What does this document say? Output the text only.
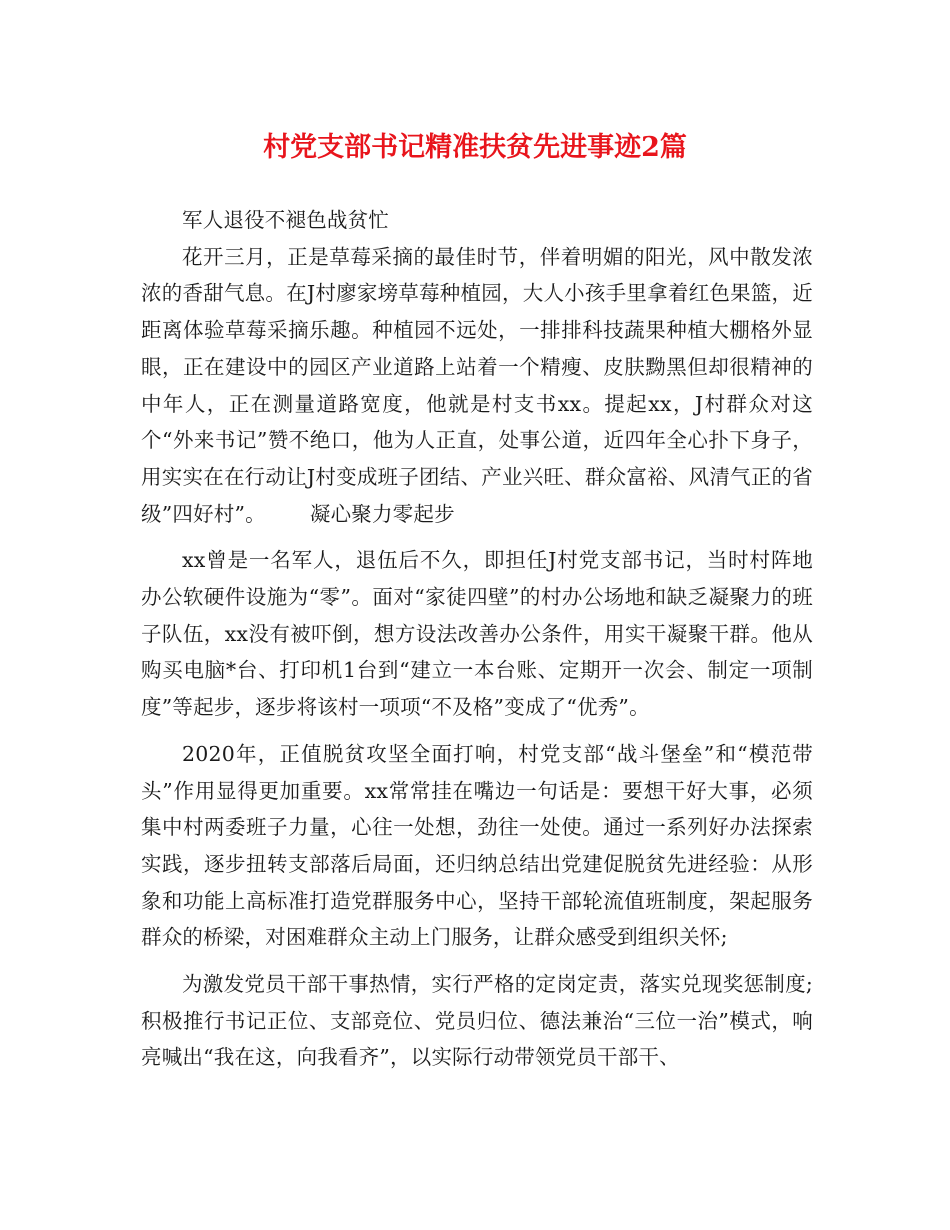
村党支部书记精准扶贫先进事迹2篇

军人退役不褪色战贫忙

花开三月，正是草莓采摘的最佳时节，伴着明媚的阳光，风中散发浓浓的香甜气息。在J村廖家塝草莓种植园，大人小孩手里拿着红色果篮，近距离体验草莓采摘乐趣。种植园不远处，一排排科技蔬果种植大棚格外显眼，正在建设中的园区产业道路上站着一个精瘦、皮肤黝黑但却很精神的中年人，正在测量道路宽度，他就是村支书xx。提起xx，J村群众对这个“外来书记”赞不绝口，他为人正直，处事公道，近四年全心扑下身子，用实实在在行动让J村变成班子团结、产业兴旺、群众富裕、风清气正的省级”四好村”。 凝心聚力零起步

xx曾是一名军人，退伍后不久，即担任J村党支部书记，当时村阵地办公软硬件设施为“零”。面对“家徒四壁”的村办公场地和缺乏凝聚力的班子队伍，xx没有被吓倒，想方设法改善办公条件，用实干凝聚干群。他从购买电脑*台、打印机1台到“建立一本台账、定期开一次会、制定一项制度”等起步，逐步将该村一项项“不及格”变成了“优秀”。

2020年，正值脱贫攻坚全面打响，村党支部“战斗堡垒”和“模范带头”作用显得更加重要。xx常常挂在嘴边一句话是：要想干好大事，必须集中村两委班子力量，心往一处想，劲往一处使。通过一系列好办法探索实践，逐步扭转支部落后局面，还归纳总结出党建促脱贫先进经验：从形象和功能上高标准打造党群服务中心，坚持干部轮流值班制度，架起服务群众的桥梁，对困难群众主动上门服务，让群众感受到组织关怀;

为激发党员干部干事热情，实行严格的定岗定责，落实兑现奖惩制度;积极推行书记正位、支部竞位、党员归位、德法兼治“三位一治”模式，响亮喊出“我在这，向我看齐”，以实际行动带领党员干部干、
